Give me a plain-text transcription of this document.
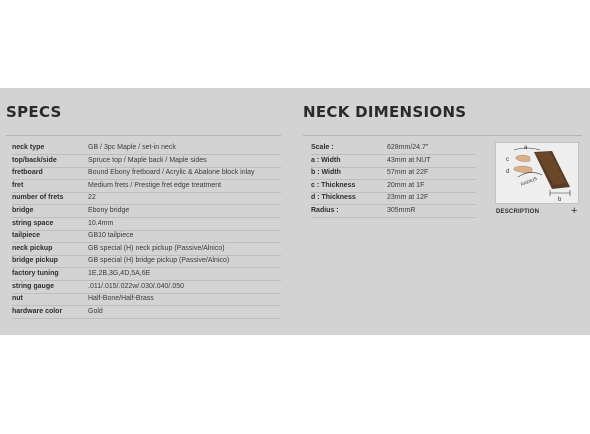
SPECS
neck type	GB / 3pc Maple / set-in neck
top/back/side	Spruce top / Maple back / Maple sides
fretboard	Bound Ebony fretboard / Acrylic & Abalone block inlay
fret	Medium frets / Prestige fret edge treatment
number of frets	22
bridge	Ebony bridge
string space	10.4mm
tailpiece	GB10 tailpiece
neck pickup	GB special (H) neck pickup (Passive/Alnico)
bridge pickup	GB special (H) bridge pickup (Passive/Alnico)
factory tuning	1E,2B,3G,4D,5A,6E
string gauge	.011/.015/.022w/.030/.040/.050
nut	Half-Bone/Half-Brass
hardware color	Gold
NECK DIMENSIONS
Scale :	628mm/24.7"
a : Width	43mm at NUT
b : Width	57mm at 22F
c : Thickness	20mm at 1F
d : Thickness	23mm at 12F
Radius :	305mmR
a
c
d
RADIUS
b
DESCRIPTION	+
